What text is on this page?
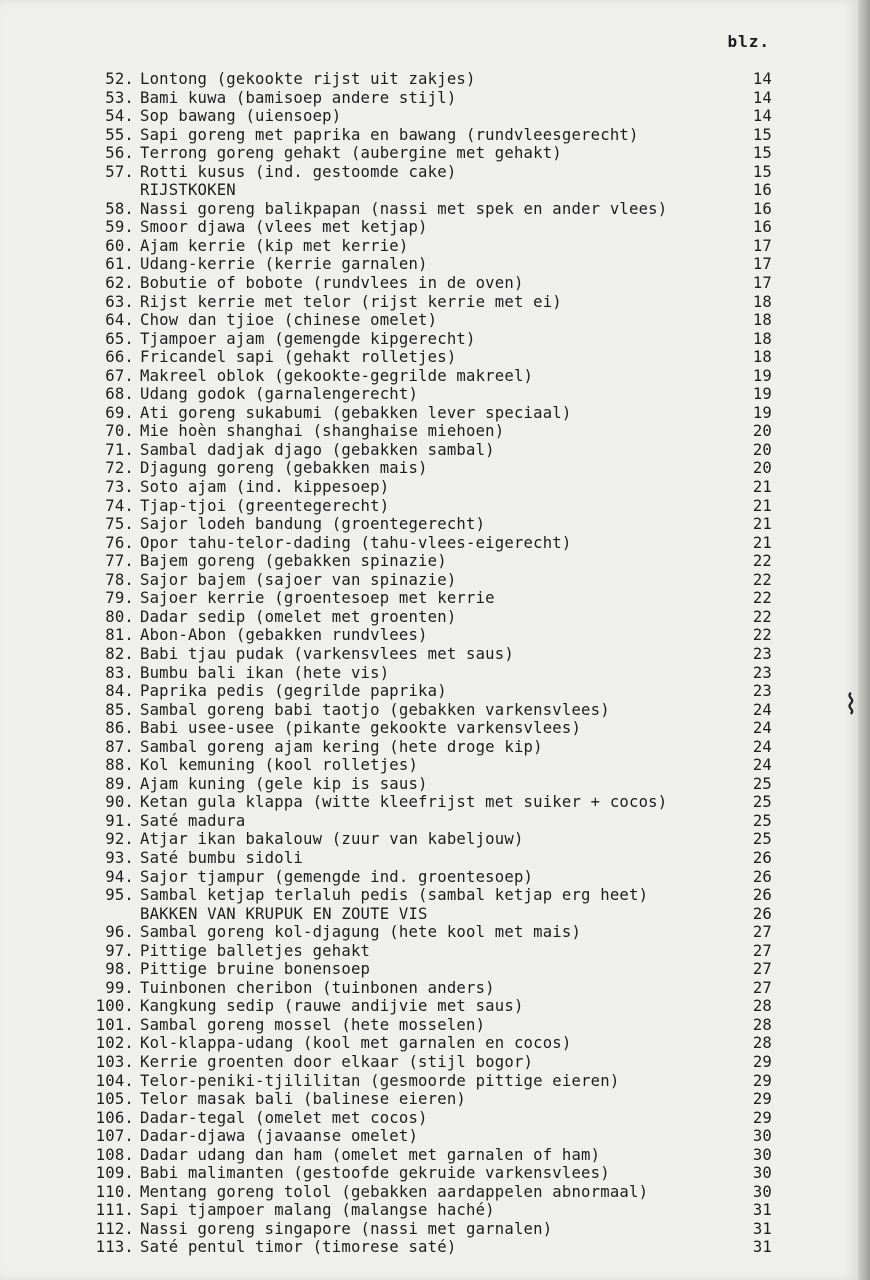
blz.
52. Lontong (gekookte rijst uit zakjes)	14
53. Bami kuwa (bamisoep andere stijl)	14
54. Sop bawang (uiensoep)	14
55. Sapi goreng met paprika en bawang (rundvleesgerecht)	15
56. Terrong goreng gehakt (aubergine met gehakt)	15
57. Rotti kusus (ind. gestoomde cake)	15
RIJSTKOKEN	16
58. Nassi goreng balikpapan (nassi met spek en ander vlees)	16
59. Smoor djawa (vlees met ketjap)	16
60. Ajam kerrie (kip met kerrie)	17
61. Udang-kerrie (kerrie garnalen)	17
62. Bobutie of bobote (rundvlees in de oven)	17
63. Rijst kerrie met telor (rijst kerrie met ei)	18
64. Chow dan tjioe (chinese omelet)	18
65. Tjampoer ajam (gemengde kipgerecht)	18
66. Fricandel sapi (gehakt rolletjes)	18
67. Makreel oblok (gekookte-gegrilde makreel)	19
68. Udang godok (garnalengerecht)	19
69. Ati goreng sukabumi (gebakken lever speciaal)	19
70. Mie hoèn shanghai (shanghaise miehoen)	20
71. Sambal dadjak djago (gebakken sambal)	20
72. Djagung goreng (gebakken mais)	20
73. Soto ajam (ind. kippesoep)	21
74. Tjap-tjoi (greentegerecht)	21
75. Sajor lodeh bandung (groentegerecht)	21
76. Opor tahu-telor-dading (tahu-vlees-eigerecht)	21
77. Bajem goreng (gebakken spinazie)	22
78. Sajor bajem (sajoer van spinazie)	22
79. Sajoer kerrie (groentesoep met kerrie	22
80. Dadar sedip (omelet met groenten)	22
81. Abon-Abon (gebakken rundvlees)	22
82. Babi tjau pudak (varkensvlees met saus)	23
83. Bumbu bali ikan (hete vis)	23
84. Paprika pedis (gegrilde paprika)	23
85. Sambal goreng babi taotjo (gebakken varkensvlees)	24
86. Babi usee-usee (pikante gekookte varkensvlees)	24
87. Sambal goreng ajam kering (hete droge kip)	24
88. Kol kemuning (kool rolletjes)	24
89. Ajam kuning (gele kip is saus)	25
90. Ketan gula klappa (witte kleefrijst met suiker + cocos)	25
91. Saté madura	25
92. Atjar ikan bakalouw (zuur van kabeljouw)	25
93. Saté bumbu sidoli	26
94. Sajor tjampur (gemengde ind. groentesoep)	26
95. Sambal ketjap terlaluh pedis (sambal ketjap erg heet)	26
BAKKEN VAN KRUPUK EN ZOUTE VIS	26
96. Sambal goreng kol-djagung (hete kool met mais)	27
97. Pittige balletjes gehakt	27
98. Pittige bruine bonensoep	27
99. Tuinbonen cheribon (tuinbonen anders)	27
100. Kangkung sedip (rauwe andijvie met saus)	28
101. Sambal goreng mossel (hete mosselen)	28
102. Kol-klappa-udang (kool met garnalen en cocos)	28
103. Kerrie groenten door elkaar (stijl bogor)	29
104. Telor-peniki-tjililitan (gesmoorde pittige eieren)	29
105. Telor masak bali (balinese eieren)	29
106. Dadar-tegal (omelet met cocos)	29
107. Dadar-djawa (javaanse omelet)	30
108. Dadar udang dan ham (omelet met garnalen of ham)	30
109. Babi malimanten (gestoofde gekruide varkensvlees)	30
110. Mentang goreng tolol (gebakken aardappelen abnormaal)	30
111. Sapi tjampoer malang (malangse haché)	31
112. Nassi goreng singapore (nassi met garnalen)	31
113. Saté pentul timor (timorese saté)	31
⌇
